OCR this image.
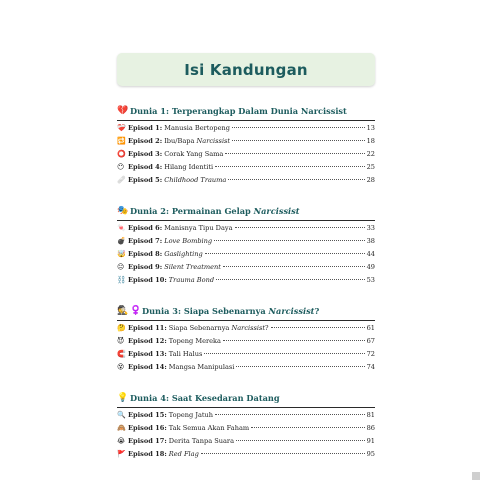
Isi Kandungan
💔 Dunia 1: Terperangkap Dalam Dunia Narcissist
❤️‍🩹 Episod 1: Manusia Bertopeng	13
🔁 Episod 2: Ibu/Bapa Narcissist	18
⭕ Episod 3: Corak Yang Sama	22
😶 Episod 4: Hilang Identiti	25
🩹 Episod 5: Childhood Trauma	28
🎭 Dunia 2: Permainan Gelap Narcissist
🍬 Episod 6: Manisnya Tipu Daya	33
💣 Episod 7: Love Bombing	38
🤯 Episod 8: Gaslighting	44
😑 Episod 9: Silent Treatment	49
⛓️ Episod 10: Trauma Bond	53
🕵️ ♀️ Dunia 3: Siapa Sebenarnya Narcissist?
🤔 Episod 11: Siapa Sebenarnya Narcissist?	61
😈 Episod 12: Topeng Mereka	67
🧲 Episod 13: Tali Halus	72
😵 Episod 14: Mangsa Manipulasi	74
💡 Dunia 4: Saat Kesedaran Datang
🔍 Episod 15: Topeng Jatuh	81
🙈 Episod 16: Tak Semua Akan Faham	86
😭 Episod 17: Derita Tanpa Suara	91
🚩 Episod 18: Red Flag	95
